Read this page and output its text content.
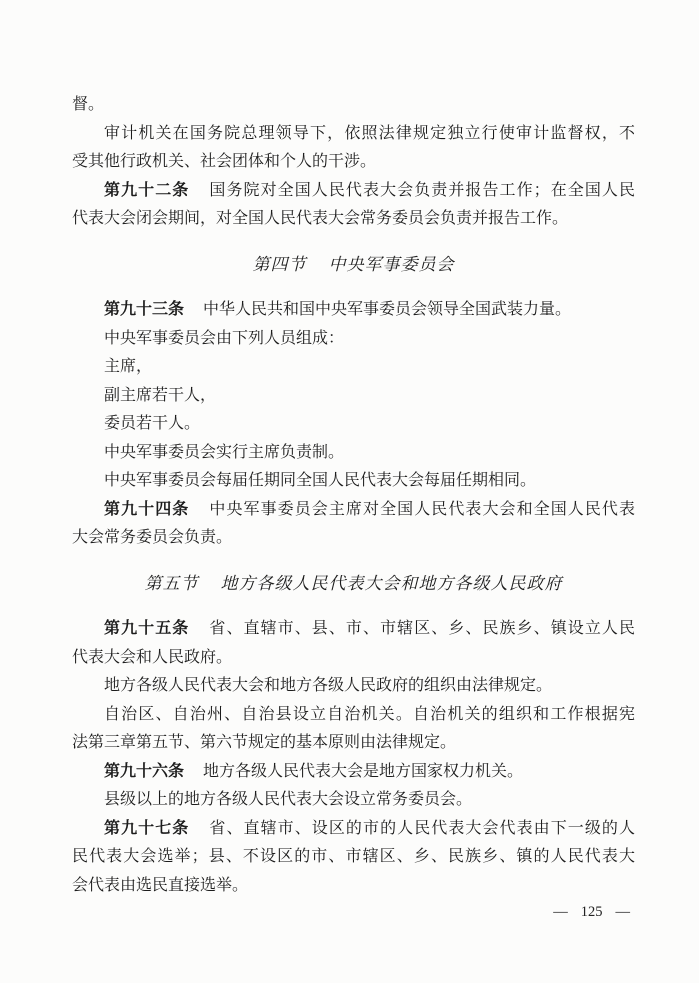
督。
审计机关在国务院总理领导下，依照法律规定独立行使审计监督权，不
受其他行政机关、社会团体和个人的干涉。
第九十二条 国务院对全国人民代表大会负责并报告工作；在全国人民
代表大会闭会期间，对全国人民代表大会常务委员会负责并报告工作。
第四节 中央军事委员会
第九十三条 中华人民共和国中央军事委员会领导全国武装力量。
中央军事委员会由下列人员组成：
主席，
副主席若干人，
委员若干人。
中央军事委员会实行主席负责制。
中央军事委员会每届任期同全国人民代表大会每届任期相同。
第九十四条 中央军事委员会主席对全国人民代表大会和全国人民代表
大会常务委员会负责。
第五节 地方各级人民代表大会和地方各级人民政府
第九十五条 省、直辖市、县、市、市辖区、乡、民族乡、镇设立人民
代表大会和人民政府。
地方各级人民代表大会和地方各级人民政府的组织由法律规定。
自治区、自治州、自治县设立自治机关。自治机关的组织和工作根据宪
法第三章第五节、第六节规定的基本原则由法律规定。
第九十六条 地方各级人民代表大会是地方国家权力机关。
县级以上的地方各级人民代表大会设立常务委员会。
第九十七条 省、直辖市、设区的市的人民代表大会代表由下一级的人
民代表大会选举；县、不设区的市、市辖区、乡、民族乡、镇的人民代表大
会代表由选民直接选举。
— 125 —
